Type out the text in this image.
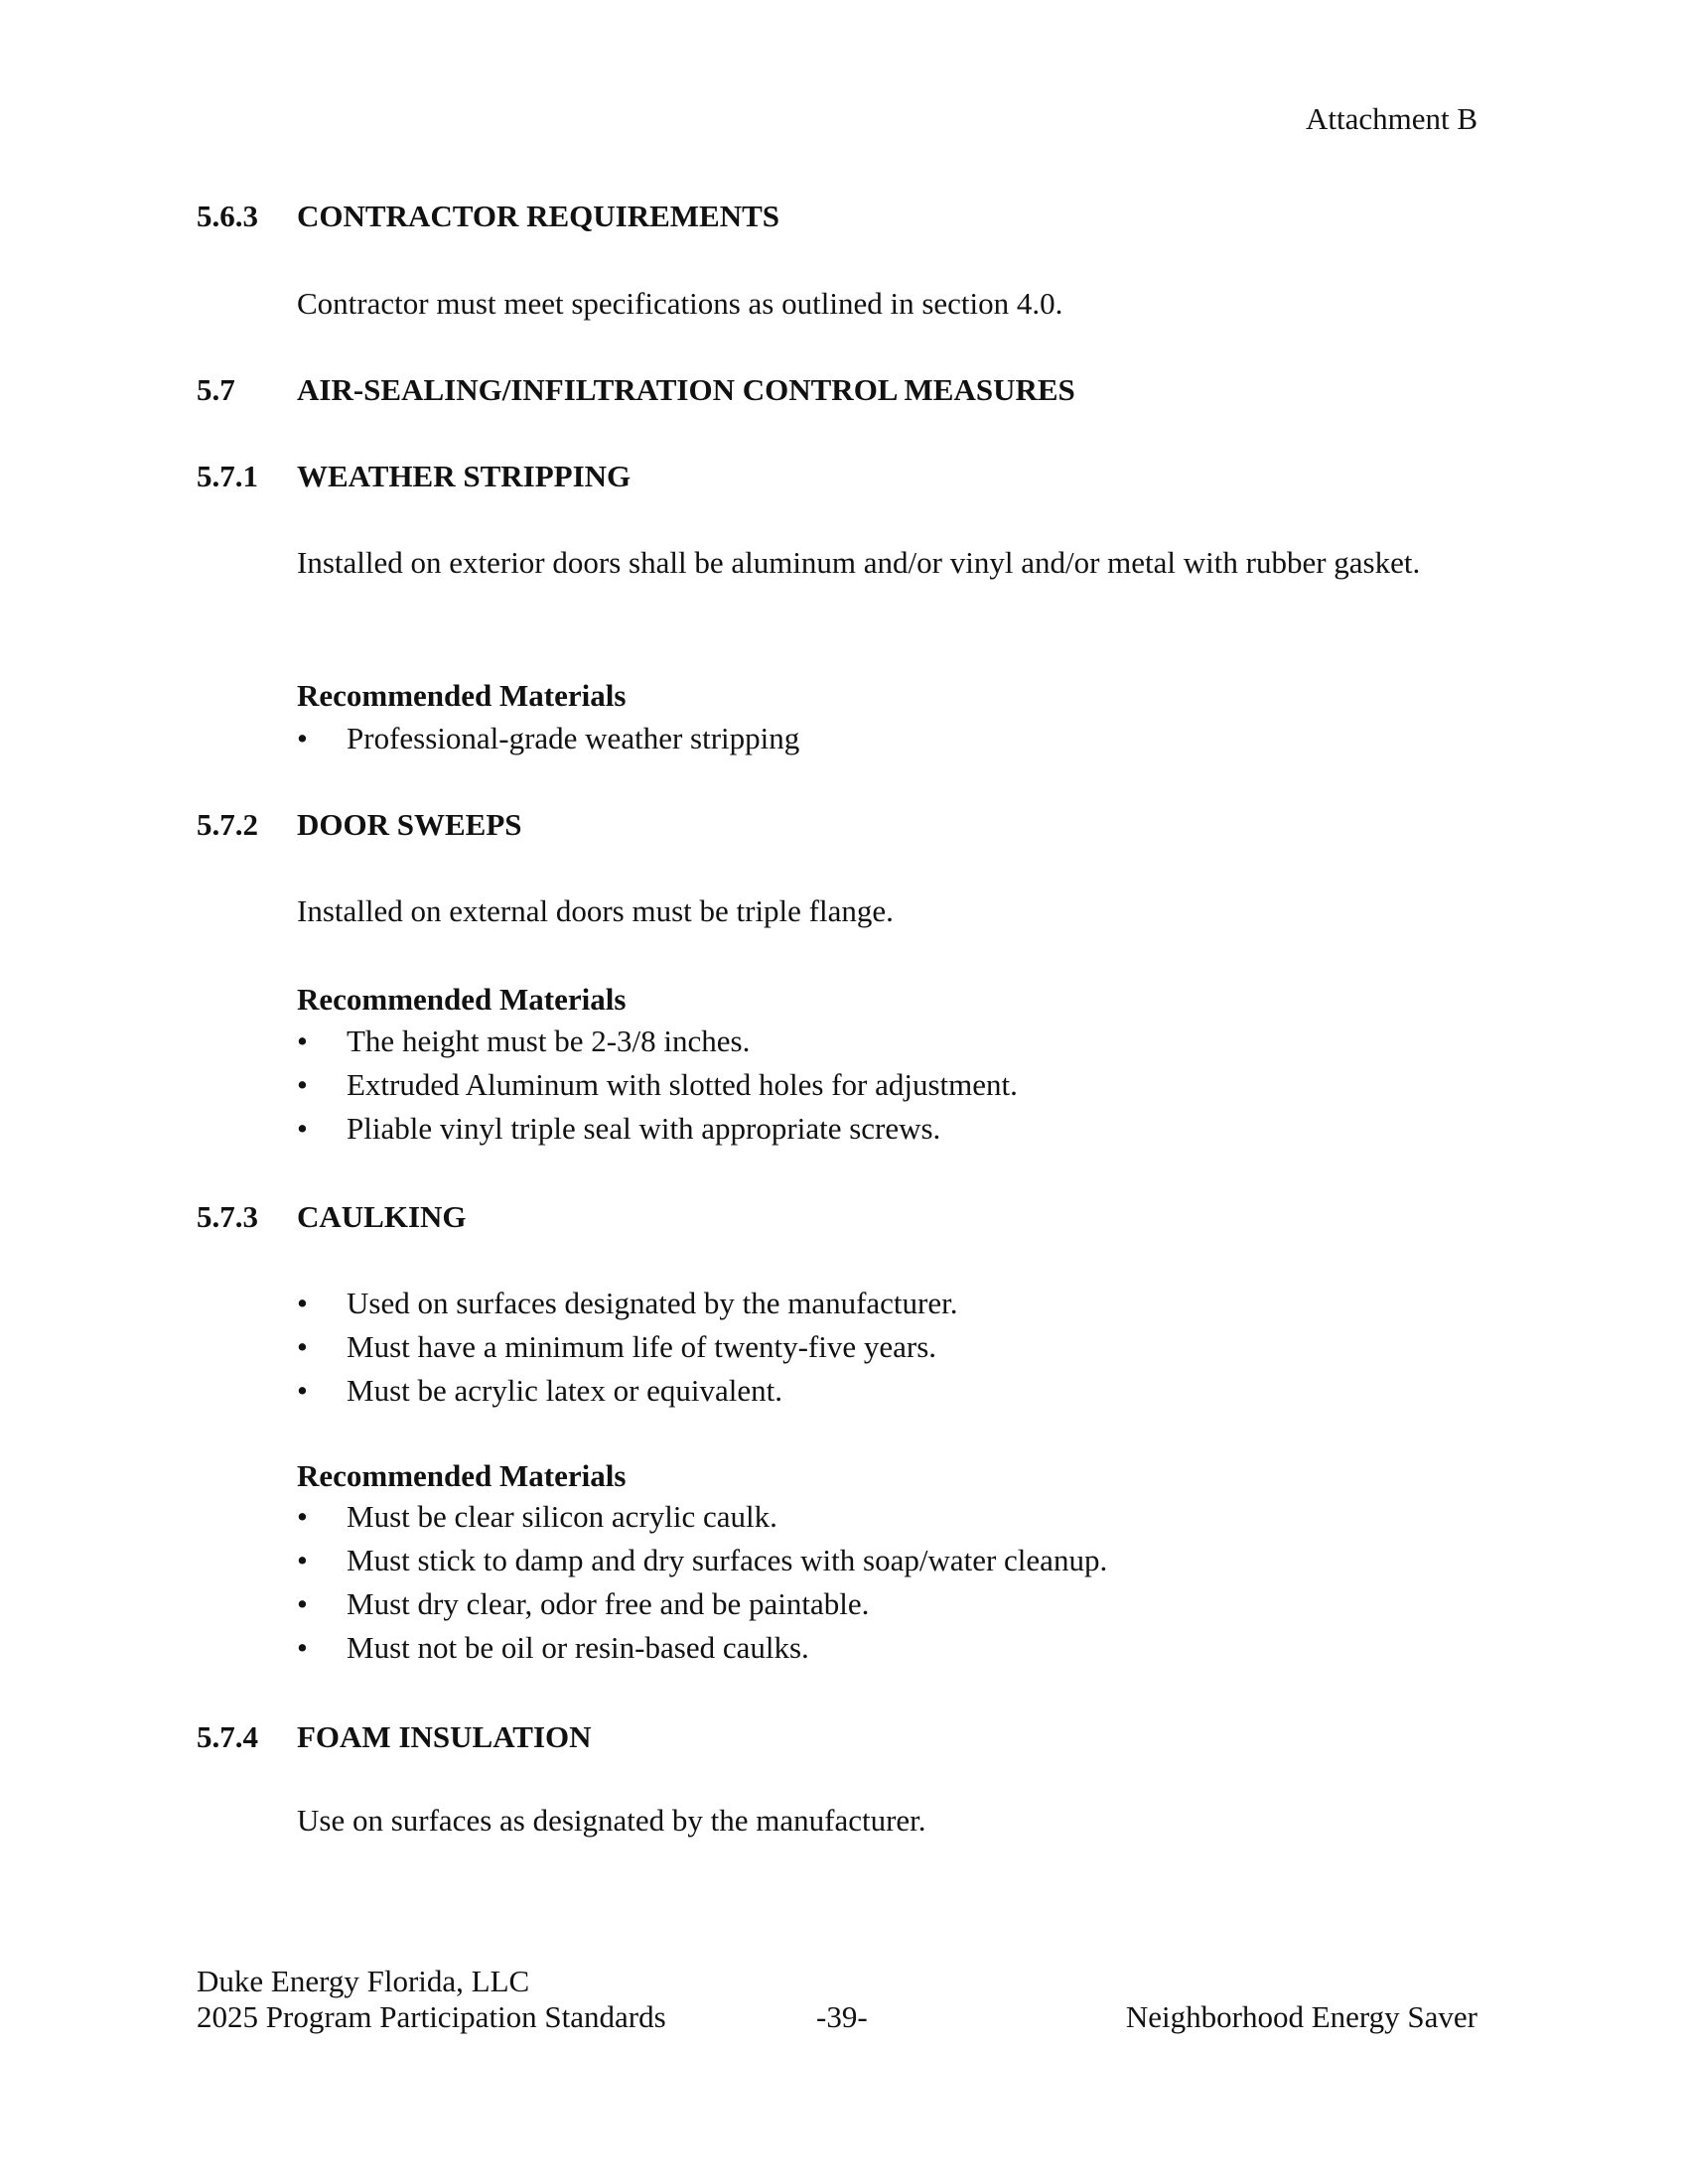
Attachment B
5.6.3 CONTRACTOR REQUIREMENTS
Contractor must meet specifications as outlined in section 4.0.
5.7 AIR-SEALING/INFILTRATION CONTROL MEASURES
5.7.1 WEATHER STRIPPING
Installed on exterior doors shall be aluminum and/or vinyl and/or metal with rubber gasket.
Recommended Materials
• Professional-grade weather stripping
5.7.2 DOOR SWEEPS
Installed on external doors must be triple flange.
Recommended Materials
• The height must be 2-3/8 inches.
• Extruded Aluminum with slotted holes for adjustment.
• Pliable vinyl triple seal with appropriate screws.
5.7.3 CAULKING
• Used on surfaces designated by the manufacturer.
• Must have a minimum life of twenty-five years.
• Must be acrylic latex or equivalent.
Recommended Materials
• Must be clear silicon acrylic caulk.
• Must stick to damp and dry surfaces with soap/water cleanup.
• Must dry clear, odor free and be paintable.
• Must not be oil or resin-based caulks.
5.7.4 FOAM INSULATION
Use on surfaces as designated by the manufacturer.
Duke Energy Florida, LLC
2025 Program Participation Standards	-39-	Neighborhood Energy Saver
